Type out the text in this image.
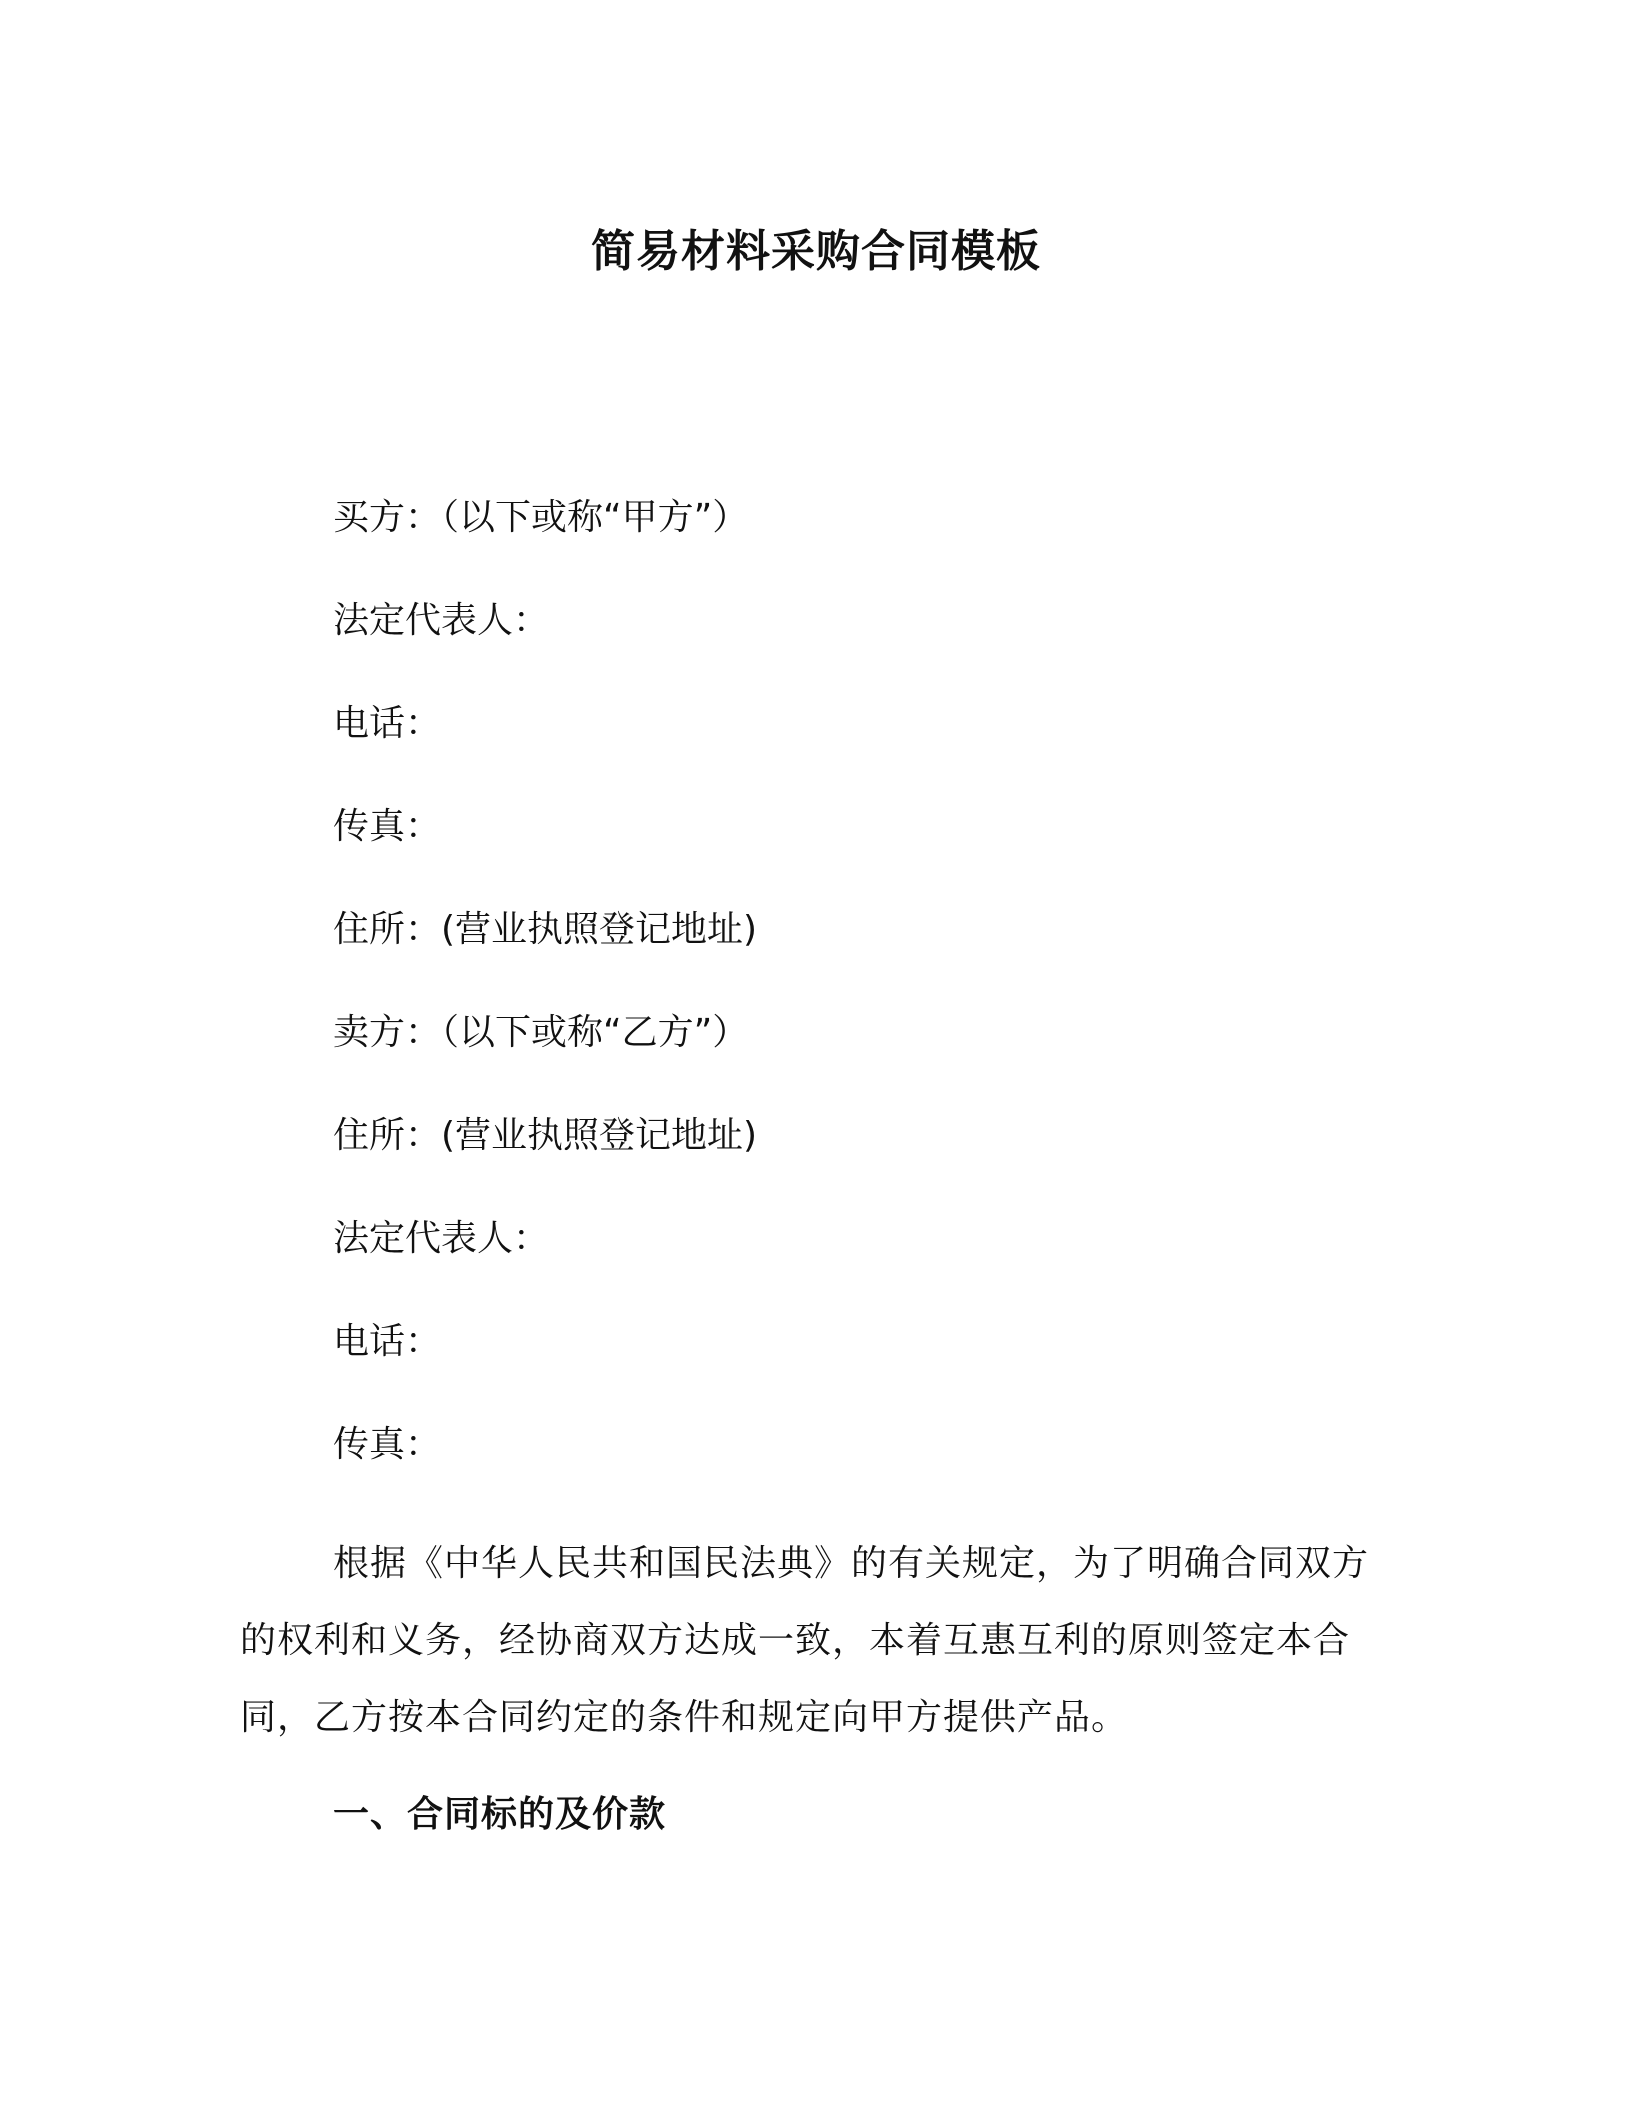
简易材料采购合同模板
买方：（以下或称“甲方”）
法定代表人：
电话：
传真：
住所：(营业执照登记地址)
卖方：（以下或称“乙方”）
住所：(营业执照登记地址)
法定代表人：
电话：
传真：
根据《中华人民共和国民法典》的有关规定，为了明确合同双方的权利和义务，经协商双方达成一致，本着互惠互利的原则签定本合同，乙方按本合同约定的条件和规定向甲方提供产品。
一、合同标的及价款
